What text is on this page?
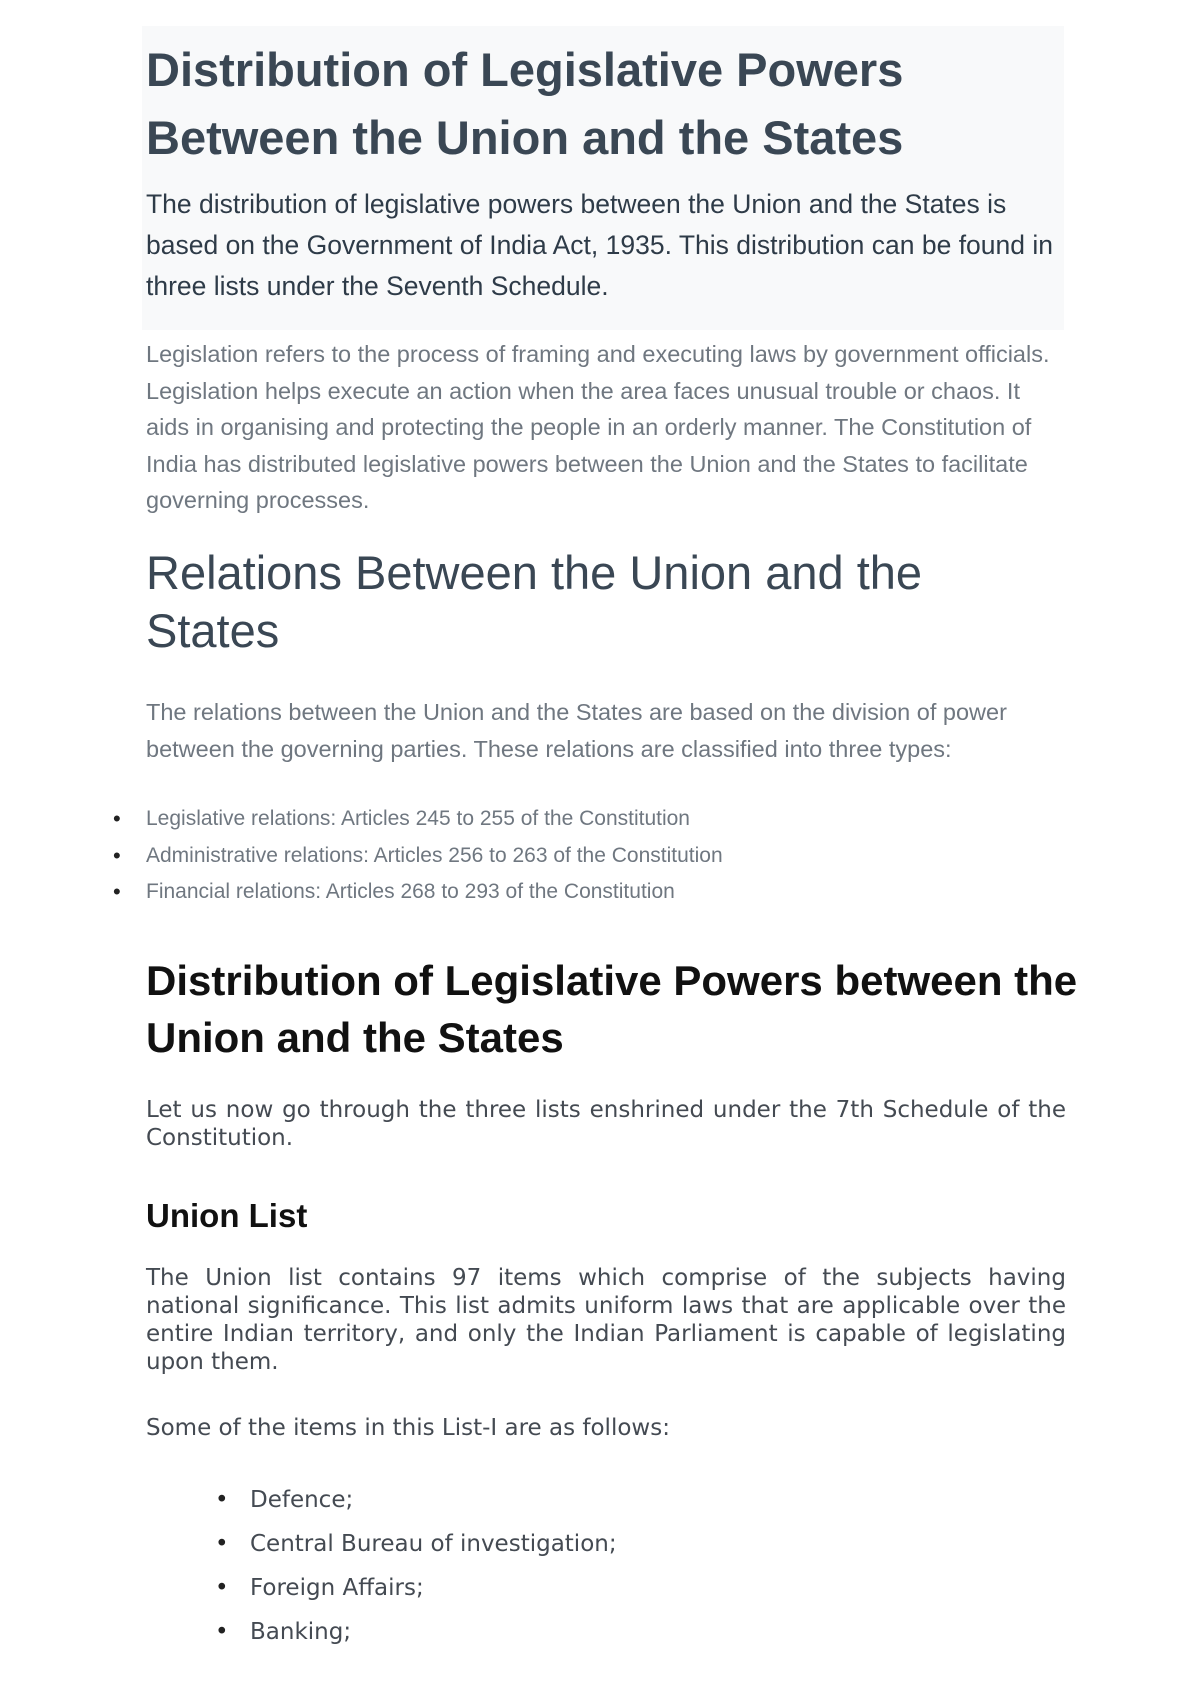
Distribution of Legislative Powers Between the Union and the States

The distribution of legislative powers between the Union and the States is based on the Government of India Act, 1935. This distribution can be found in three lists under the Seventh Schedule.

Legislation refers to the process of framing and executing laws by government officials. Legislation helps execute an action when the area faces unusual trouble or chaos. It aids in organising and protecting the people in an orderly manner. The Constitution of India has distributed legislative powers between the Union and the States to facilitate governing processes.

Relations Between the Union and the States

The relations between the Union and the States are based on the division of power between the governing parties. These relations are classified into three types:

• Legislative relations: Articles 245 to 255 of the Constitution
• Administrative relations: Articles 256 to 263 of the Constitution
• Financial relations: Articles 268 to 293 of the Constitution
Distribution of Legislative Powers between the Union and the States

Let us now go through the three lists enshrined under the 7th Schedule of the Constitution.

Union List

The Union list contains 97 items which comprise of the subjects having national significance. This list admits uniform laws that are applicable over the entire Indian territory, and only the Indian Parliament is capable of legislating upon them.

Some of the items in this List-I are as follows:

• Defence;
• Central Bureau of investigation;
• Foreign Affairs;
• Banking;
